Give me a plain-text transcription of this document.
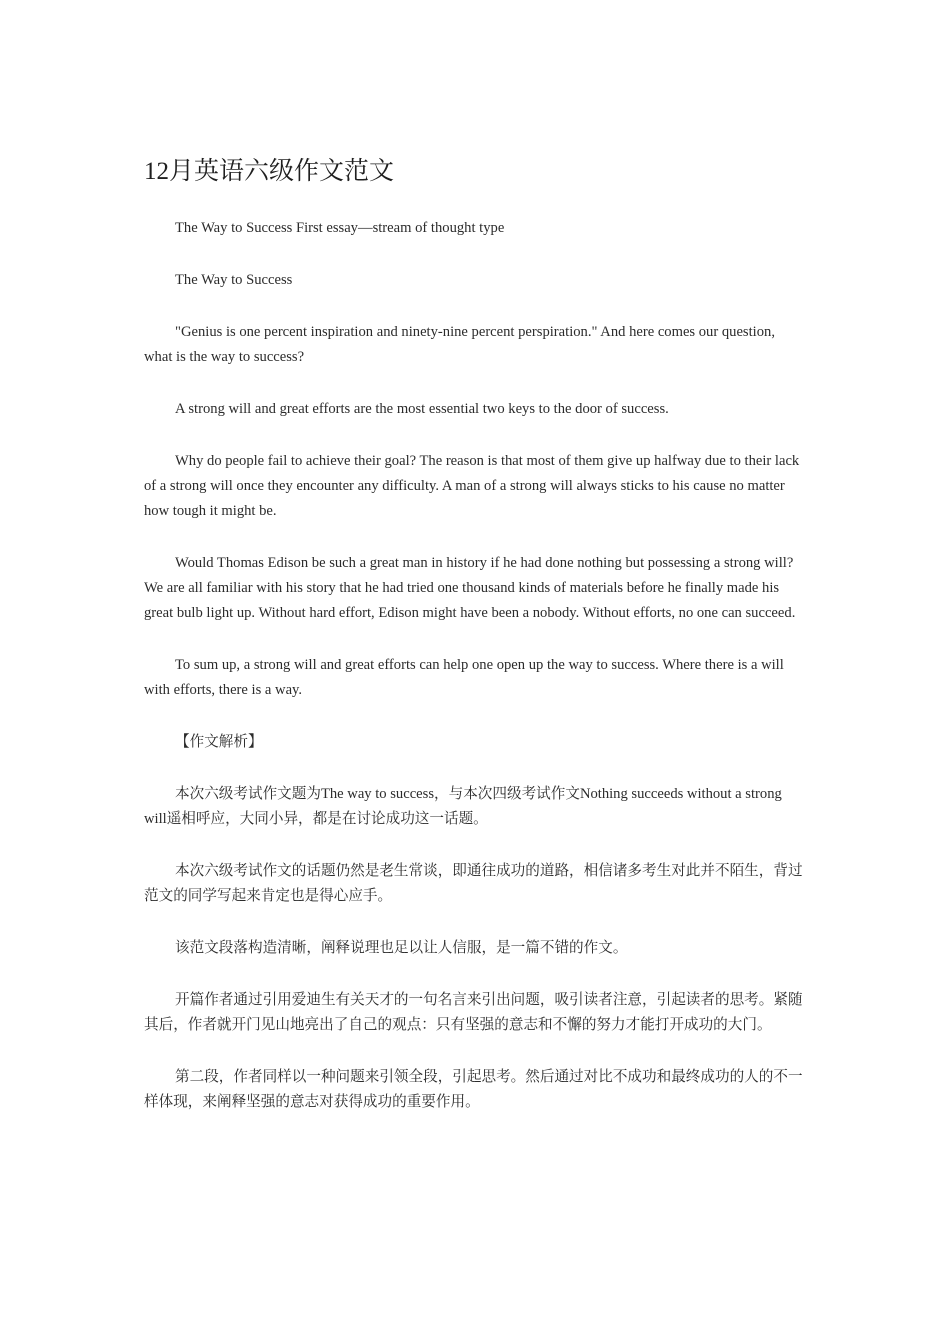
12月英语六级作文范文

The Way to Success First essay—stream of thought type

The Way to Success

"Genius is one percent inspiration and ninety-nine percent perspiration." And here comes our question, what is the way to success?

A strong will and great efforts are the most essential two keys to the door of success.

Why do people fail to achieve their goal? The reason is that most of them give up halfway due to their lack of a strong will once they encounter any difficulty. A man of a strong will always sticks to his cause no matter how tough it might be.

Would Thomas Edison be such a great man in history if he had done nothing but possessing a strong will? We are all familiar with his story that he had tried one thousand kinds of materials before he finally made his great bulb light up. Without hard effort, Edison might have been a nobody. Without efforts, no one can succeed.

To sum up, a strong will and great efforts can help one open up the way to success. Where there is a will with efforts, there is a way.

【作文解析】

本次六级考试作文题为The way to success，与本次四级考试作文Nothing succeeds without a strong will遥相呼应，大同小异，都是在讨论成功这一话题。

本次六级考试作文的话题仍然是老生常谈，即通往成功的道路，相信诸多考生对此并不陌生，背过范文的同学写起来肯定也是得心应手。

该范文段落构造清晰，阐释说理也足以让人信服，是一篇不错的作文。

开篇作者通过引用爱迪生有关天才的一句名言来引出问题，吸引读者注意，引起读者的思考。紧随其后，作者就开门见山地亮出了自己的观点：只有坚强的意志和不懈的努力才能打开成功的大门。

第二段，作者同样以一种问题来引领全段，引起思考。然后通过对比不成功和最终成功的人的不一样体现，来阐释坚强的意志对获得成功的重要作用。
